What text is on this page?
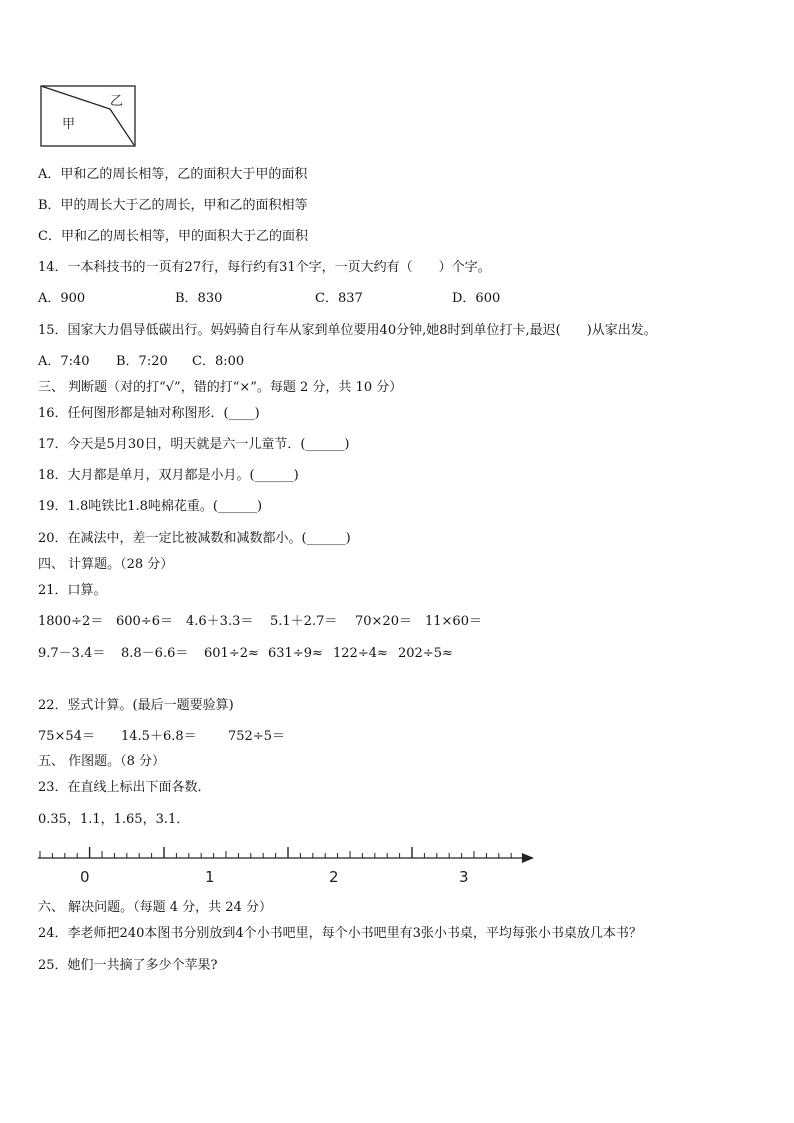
乙
甲
A．甲和乙的周长相等，乙的面积大于甲的面积
B．甲的周长大于乙的周长，甲和乙的面积相等
C．甲和乙的周长相等，甲的面积大于乙的面积
14．一本科技书的一页有27行，每行约有31个字，一页大约有（　　）个字。
A．900	B．830	C．837	D．600
15．国家大力倡导低碳出行。妈妈骑自行车从家到单位要用40分钟,她8时到单位打卡,最迟(　　)从家出发。
A．7:40 B．7:20 C．8:00
三、 判断题（对的打“√”，错的打“×”。每题 2 分，共 10 分）
16．任何图形都是轴对称图形．(____)
17．今天是5月30日，明天就是六一儿童节．(______)
18．大月都是单月，双月都是小月。(______)
19．1.8吨铁比1.8吨棉花重。(______)
20．在减法中，差一定比被减数和减数都小。(______)
四、 计算题。（28 分）
21．口算。
1800÷2＝ 600÷6＝ 4.6＋3.3＝ 5.1＋2.7＝ 70×20＝ 11×60＝
9.7－3.4＝ 8.8－6.6＝ 601÷2≈ 631÷9≈ 122÷4≈ 202÷5≈
22．竖式计算。(最后一题要验算)
75×54＝ 14.5＋6.8＝ 752÷5＝
五、 作图题。（8 分）
23．在直线上标出下面各数．
0.35，1.1，1.65，3.1．
0	1	2	3
六、 解决问题。（每题 4 分，共 24 分）
24．李老师把240本图书分别放到4个小书吧里，每个小书吧里有3张小书桌，平均每张小书桌放几本书？
25．她们一共摘了多少个苹果?
